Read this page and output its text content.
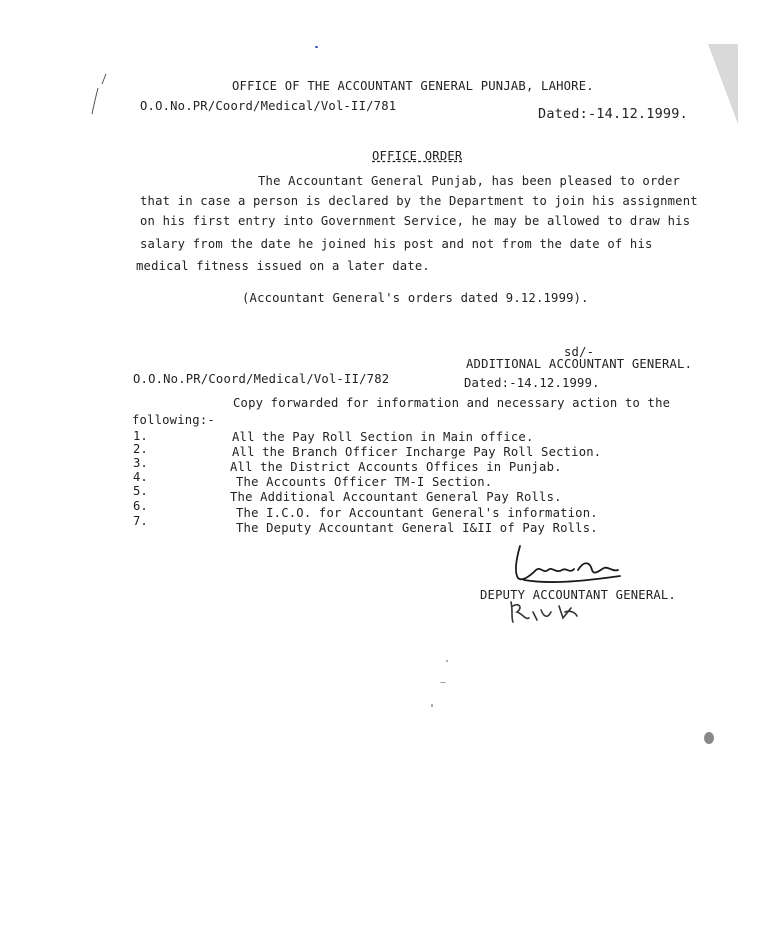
OFFICE OF THE ACCOUNTANT GENERAL PUNJAB, LAHORE.
O.O.No.PR/Coord/Medical/Vol-II/781	Dated:-14.12.1999.
OFFICE ORDER
The Accountant General Punjab, has been pleased to order
that in case a person is declared by the Department to join his assignment
on his first entry into Government Service, he may be allowed to draw his
salary from the date he joined his post and not from the date of his
medical fitness issued on a later date.
(Accountant General's orders dated 9.12.1999).
sd/-
ADDITIONAL ACCOUNTANT GENERAL.
O.O.No.PR/Coord/Medical/Vol-II/782	Dated:-14.12.1999.
Copy forwarded for information and necessary action to the
following:-
1.	All the Pay Roll Section in Main office.
2.	All the Branch Officer Incharge Pay Roll Section.
3.	All the District Accounts Offices in Punjab.
4.	The Accounts Officer TM-I Section.
5.	The Additional Accountant General Pay Rolls.
6.	The I.C.O. for Accountant General's information.
7.	The Deputy Accountant General I&II of Pay Rolls.
DEPUTY ACCOUNTANT GENERAL.
